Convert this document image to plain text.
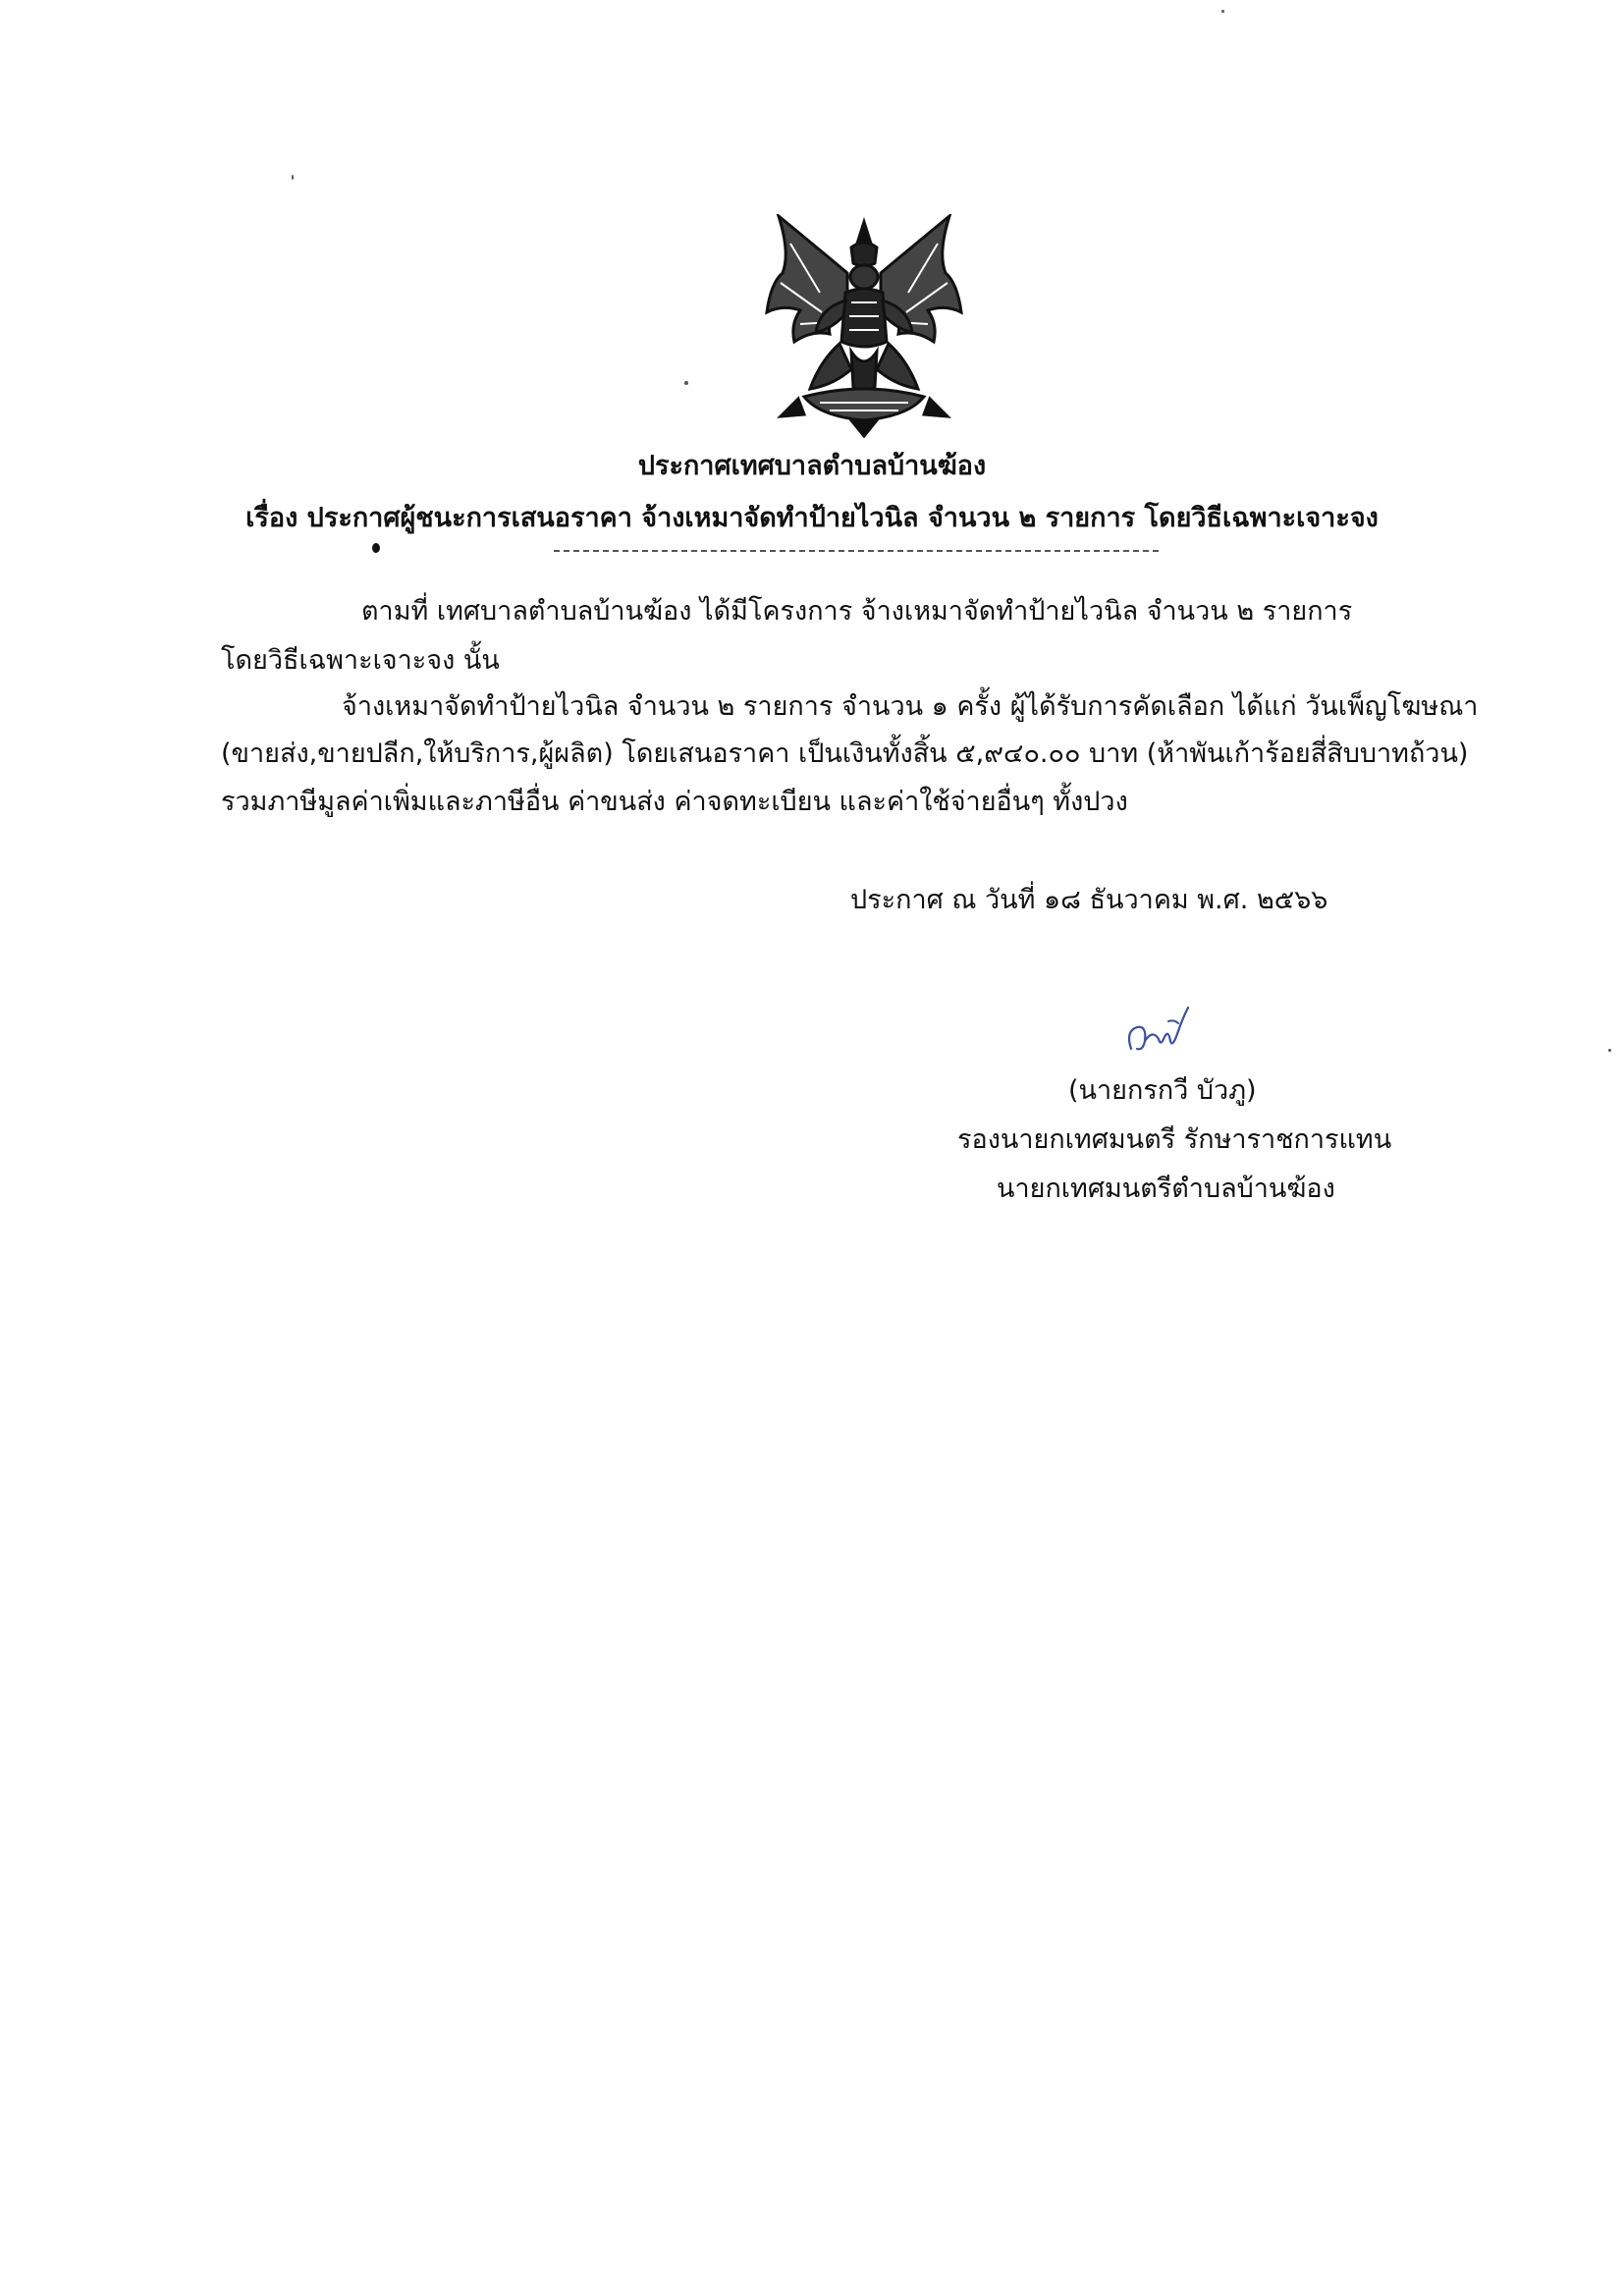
ประกาศเทศบาลตำบลบ้านฆ้อง
เรื่อง ประกาศผู้ชนะการเสนอราคา จ้างเหมาจัดทำป้ายไวนิล จำนวน ๒ รายการ โดยวิธีเฉพาะเจาะจง
ตามที่ เทศบาลตำบลบ้านฆ้อง ได้มีโครงการ จ้างเหมาจัดทำป้ายไวนิล จำนวน ๒ รายการ
โดยวิธีเฉพาะเจาะจง นั้น
จ้างเหมาจัดทำป้ายไวนิล จำนวน ๒ รายการ จำนวน ๑ ครั้ง ผู้ได้รับการคัดเลือก ได้แก่ วันเพ็ญโฆษณา
(ขายส่ง,ขายปลีก,ให้บริการ,ผู้ผลิต) โดยเสนอราคา เป็นเงินทั้งสิ้น ๕,๙๔๐.๐๐ บาท (ห้าพันเก้าร้อยสี่สิบบาทถ้วน)
รวมภาษีมูลค่าเพิ่มและภาษีอื่น ค่าขนส่ง ค่าจดทะเบียน และค่าใช้จ่ายอื่นๆ ทั้งปวง
ประกาศ ณ วันที่ ๑๘ ธันวาคม พ.ศ. ๒๕๖๖
(นายกรกวี บัวภู)
รองนายกเทศมนตรี รักษาราชการแทน
นายกเทศมนตรีตำบลบ้านฆ้อง
